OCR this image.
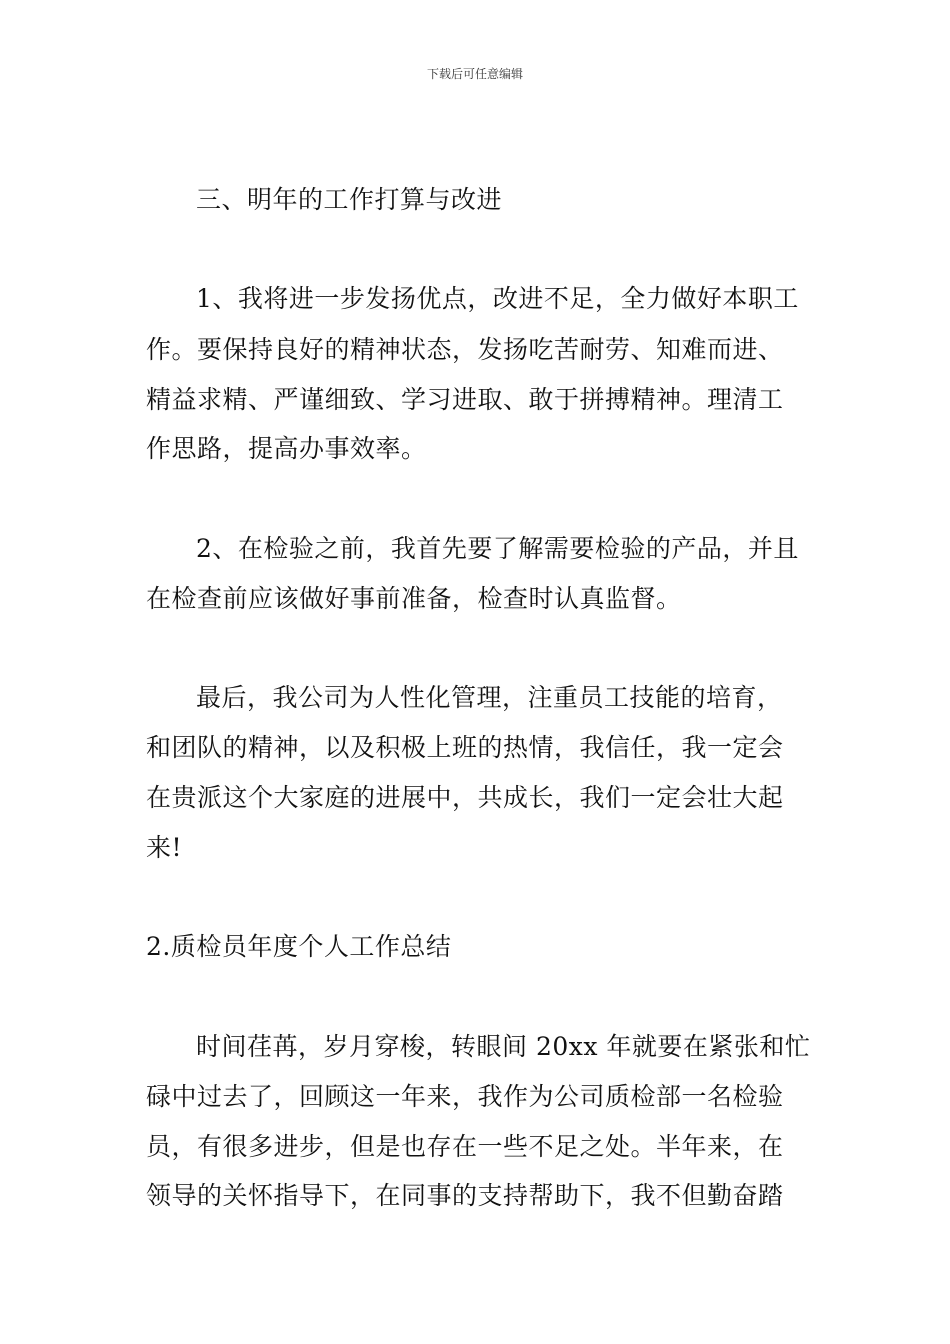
下载后可任意编辑
三、明年的工作打算与改进
1、我将进一步发扬优点，改进不足，全力做好本职工
作。要保持良好的精神状态，发扬吃苦耐劳、知难而进、
精益求精、严谨细致、学习进取、敢于拼搏精神。理清工
作思路，提高办事效率。
2、在检验之前，我首先要了解需要检验的产品，并且
在检查前应该做好事前准备，检查时认真监督。
最后，我公司为人性化管理，注重员工技能的培育，
和团队的精神，以及积极上班的热情，我信任，我一定会
在贵派这个大家庭的进展中，共成长，我们一定会壮大起
来!
2.质检员年度个人工作总结
时间荏苒，岁月穿梭，转眼间 20xx 年就要在紧张和忙
碌中过去了，回顾这一年来，我作为公司质检部一名检验
员，有很多进步，但是也存在一些不足之处。半年来，在
领导的关怀指导下，在同事的支持帮助下，我不但勤奋踏
